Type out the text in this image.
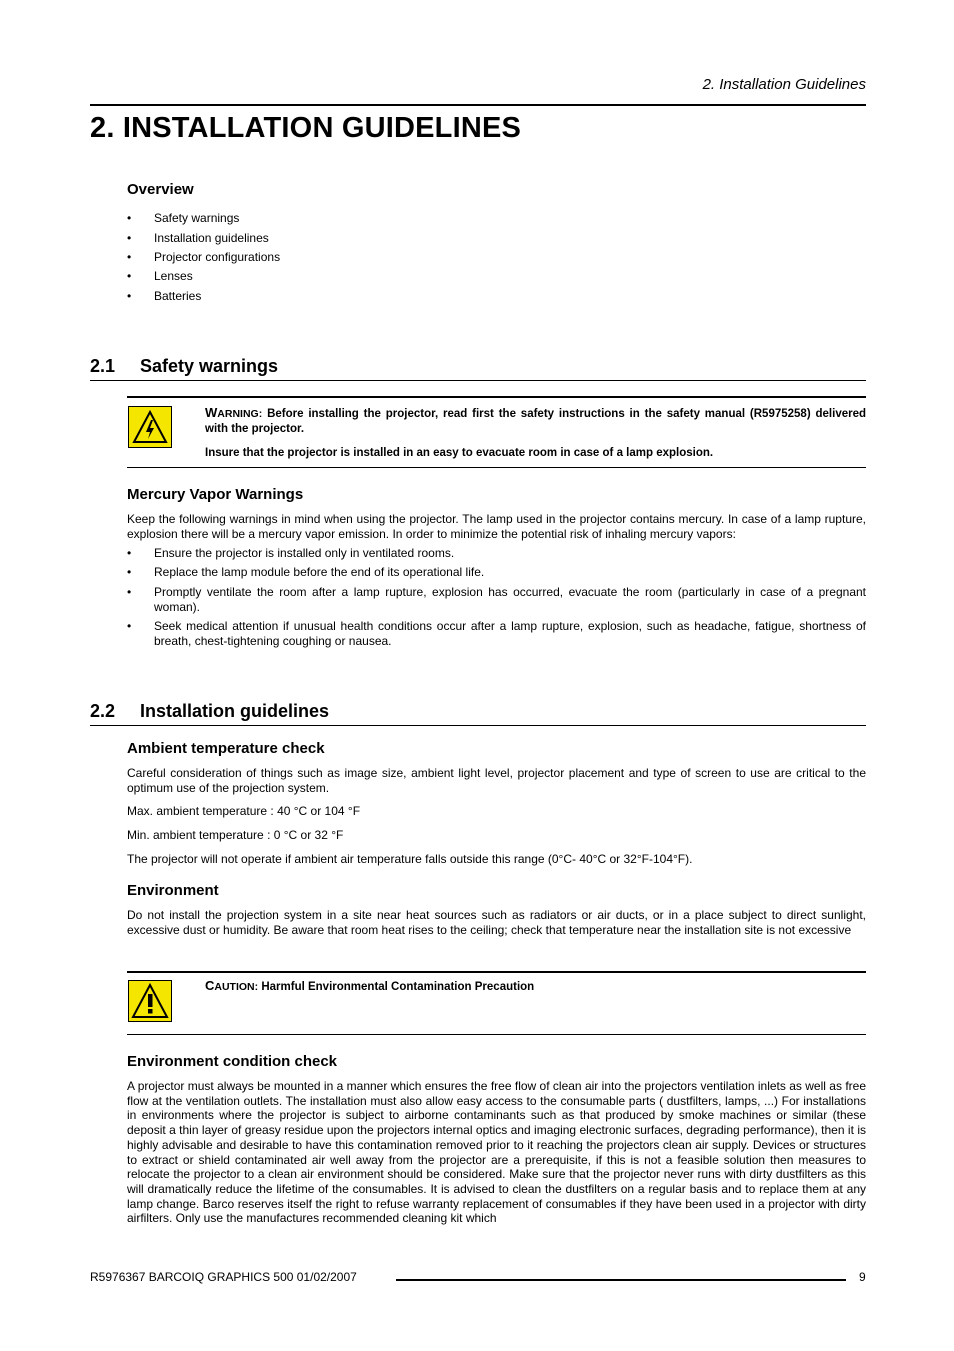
2. Installation Guidelines
2. INSTALLATION GUIDELINES
Overview
• Safety warnings
• Installation guidelines
• Projector configurations
• Lenses
• Batteries
2.1 Safety warnings
WARNING: Before installing the projector, read first the safety instructions in the safety manual (R5975258) delivered with the projector.
Insure that the projector is installed in an easy to evacuate room in case of a lamp explosion.
Mercury Vapor Warnings
Keep the following warnings in mind when using the projector. The lamp used in the projector contains mercury. In case of a lamp rupture, explosion there will be a mercury vapor emission. In order to minimize the potential risk of inhaling mercury vapors:
• Ensure the projector is installed only in ventilated rooms.
• Replace the lamp module before the end of its operational life.
• Promptly ventilate the room after a lamp rupture, explosion has occurred, evacuate the room (particularly in case of a pregnant woman).
• Seek medical attention if unusual health conditions occur after a lamp rupture, explosion, such as headache, fatigue, shortness of breath, chest-tightening coughing or nausea.
2.2 Installation guidelines
Ambient temperature check
Careful consideration of things such as image size, ambient light level, projector placement and type of screen to use are critical to the optimum use of the projection system.
Max. ambient temperature : 40 °C or 104 °F
Min. ambient temperature : 0 °C or 32 °F
The projector will not operate if ambient air temperature falls outside this range (0°C- 40°C or 32°F-104°F).
Environment
Do not install the projection system in a site near heat sources such as radiators or air ducts, or in a place subject to direct sunlight, excessive dust or humidity. Be aware that room heat rises to the ceiling; check that temperature near the installation site is not excessive
CAUTION: Harmful Environmental Contamination Precaution
Environment condition check
A projector must always be mounted in a manner which ensures the free flow of clean air into the projectors ventilation inlets as well as free flow at the ventilation outlets. The installation must also allow easy access to the consumable parts ( dustfilters, lamps, ...) For installations in environments where the projector is subject to airborne contaminants such as that produced by smoke machines or similar (these deposit a thin layer of greasy residue upon the projectors internal optics and imaging electronic surfaces, degrading performance), then it is highly advisable and desirable to have this contamination removed prior to it reaching the projectors clean air supply. Devices or structures to extract or shield contaminated air well away from the projector are a prerequisite, if this is not a feasible solution then measures to relocate the projector to a clean air environment should be considered. Make sure that the projector never runs with dirty dustfilters as this will dramatically reduce the lifetime of the consumables. It is advised to clean the dustfilters on a regular basis and to replace them at any lamp change. Barco reserves itself the right to refuse warranty replacement of consumables if they have been used in a projector with dirty airfilters. Only use the manufactures recommended cleaning kit which
R5976367 BARCOIQ GRAPHICS 500 01/02/2007	9
